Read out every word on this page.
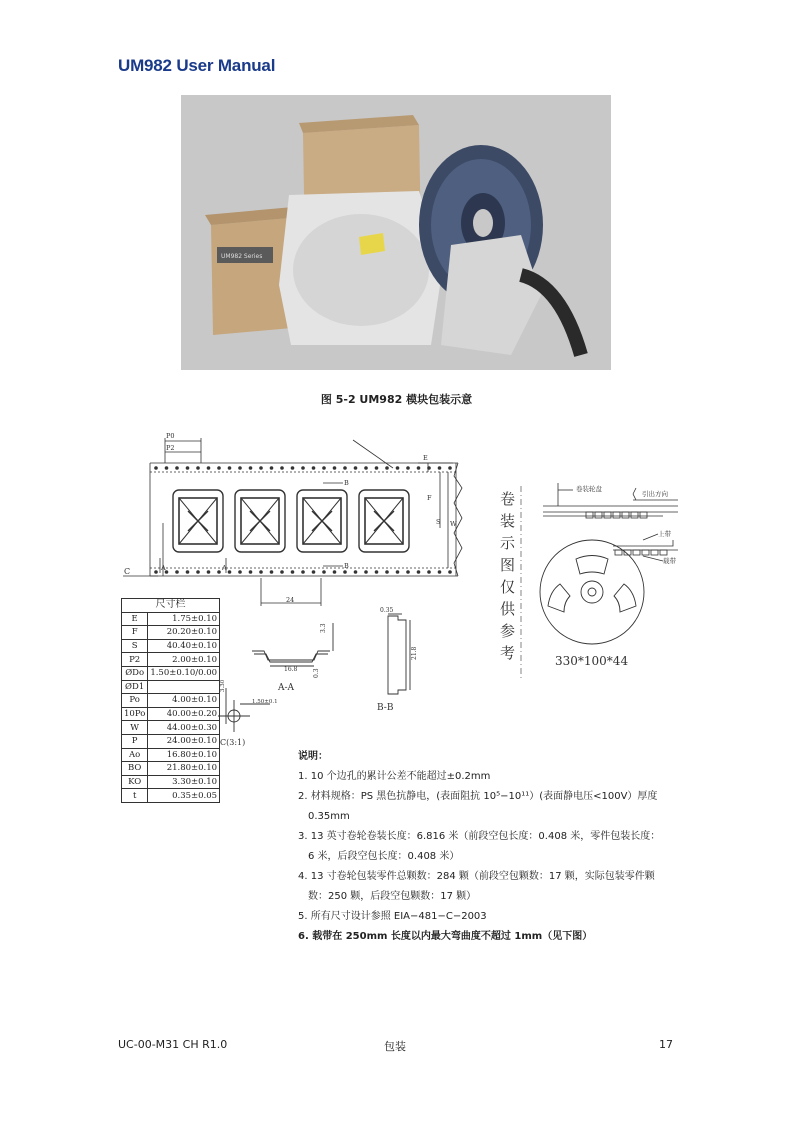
UM982 User Manual
UM982 Series
图 5-2 UM982 模块包装示意
P0
P2
E
F
S W
C	A	A
B
B
24
16.8
3.3
0.3
A-A
0.35
21.8
B-B
1.50±0.1
3.30
C(3:1)
卷
装
示
图
仅
供
参
考
卷装轮盘
引出方向
上带
载带
330*100*44
尺寸栏	
E	1.75±0.10
F	20.20±0.10
S	40.40±0.10
P2	2.00±0.10
ØDo	1.50±0.10/0.00
ØD1	
Po	4.00±0.10
10Po	40.00±0.20
W	44.00±0.30
P	24.00±0.10
Ao	16.80±0.10
BO	21.80±0.10
KO	3.30±0.10
t	0.35±0.05
说明：
1. 10 个边孔的累计公差不能超过±0.2mm
2. 材料规格：PS 黑色抗静电，(表面阻抗 10⁵−10¹¹）(表面静电压<100V）厚度
0.35mm
3. 13 英寸卷轮卷装长度：6.816 米（前段空包长度：0.408 米，零件包装长度：
6 米，后段空包长度：0.408 米）
4. 13 寸卷轮包装零件总颗数：284 颗（前段空包颗数：17 颗，实际包装零件颗
数：250 颗，后段空包颗数：17 颗）
5. 所有尺寸设计参照 EIA−481−C−2003
6. 载带在 250mm 长度以内最大弯曲度不超过 1mm（见下图）
UC-00-M31 CH R1.0	包装	17
